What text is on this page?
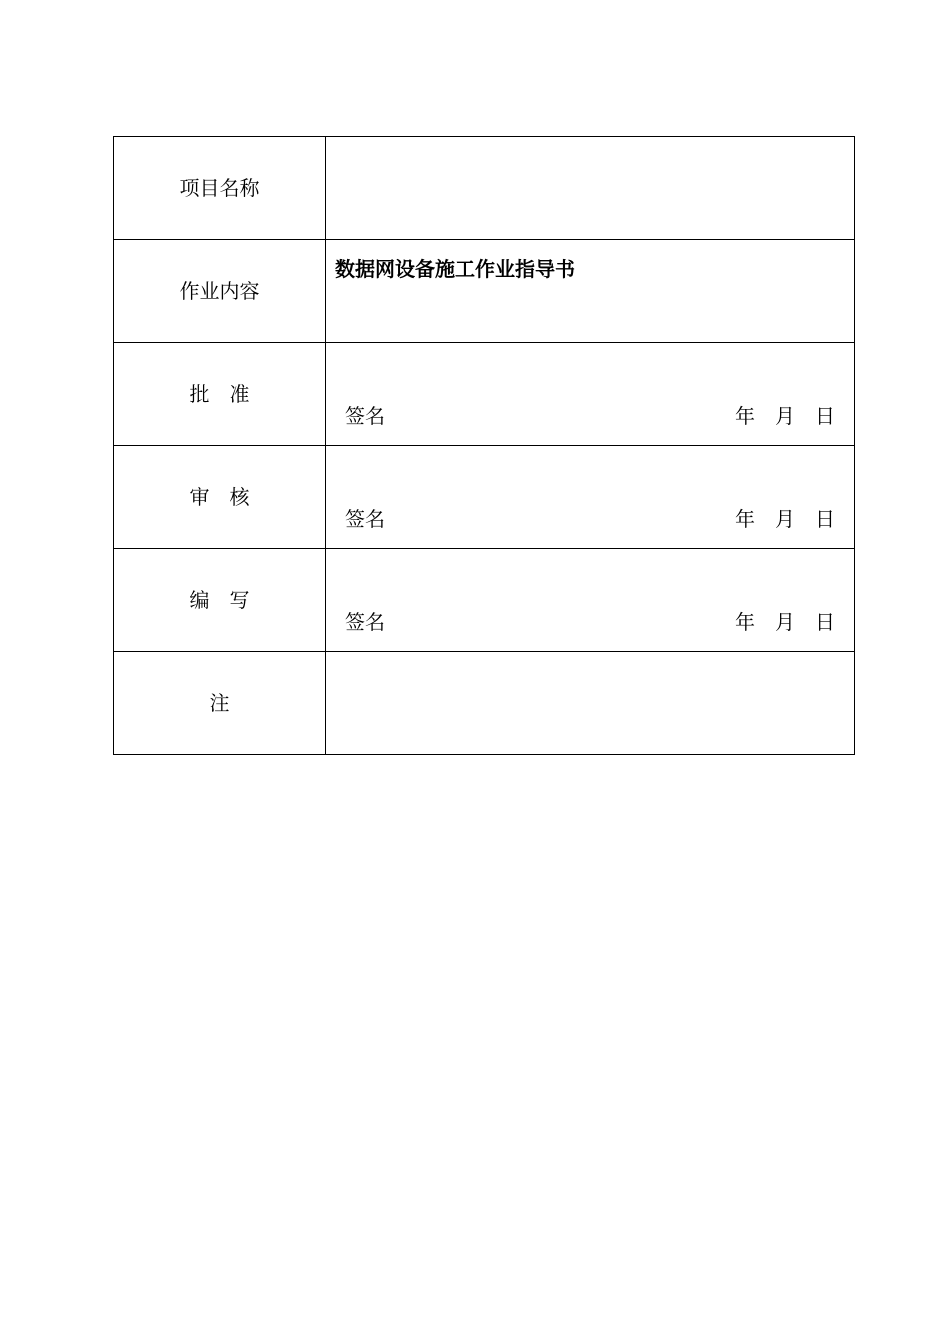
项目名称	

作业内容	数据网设备施工作业指导书

批　准	签名 年 月 日

审　核	签名 年 月 日

编　写	签名 年 月 日

注	
